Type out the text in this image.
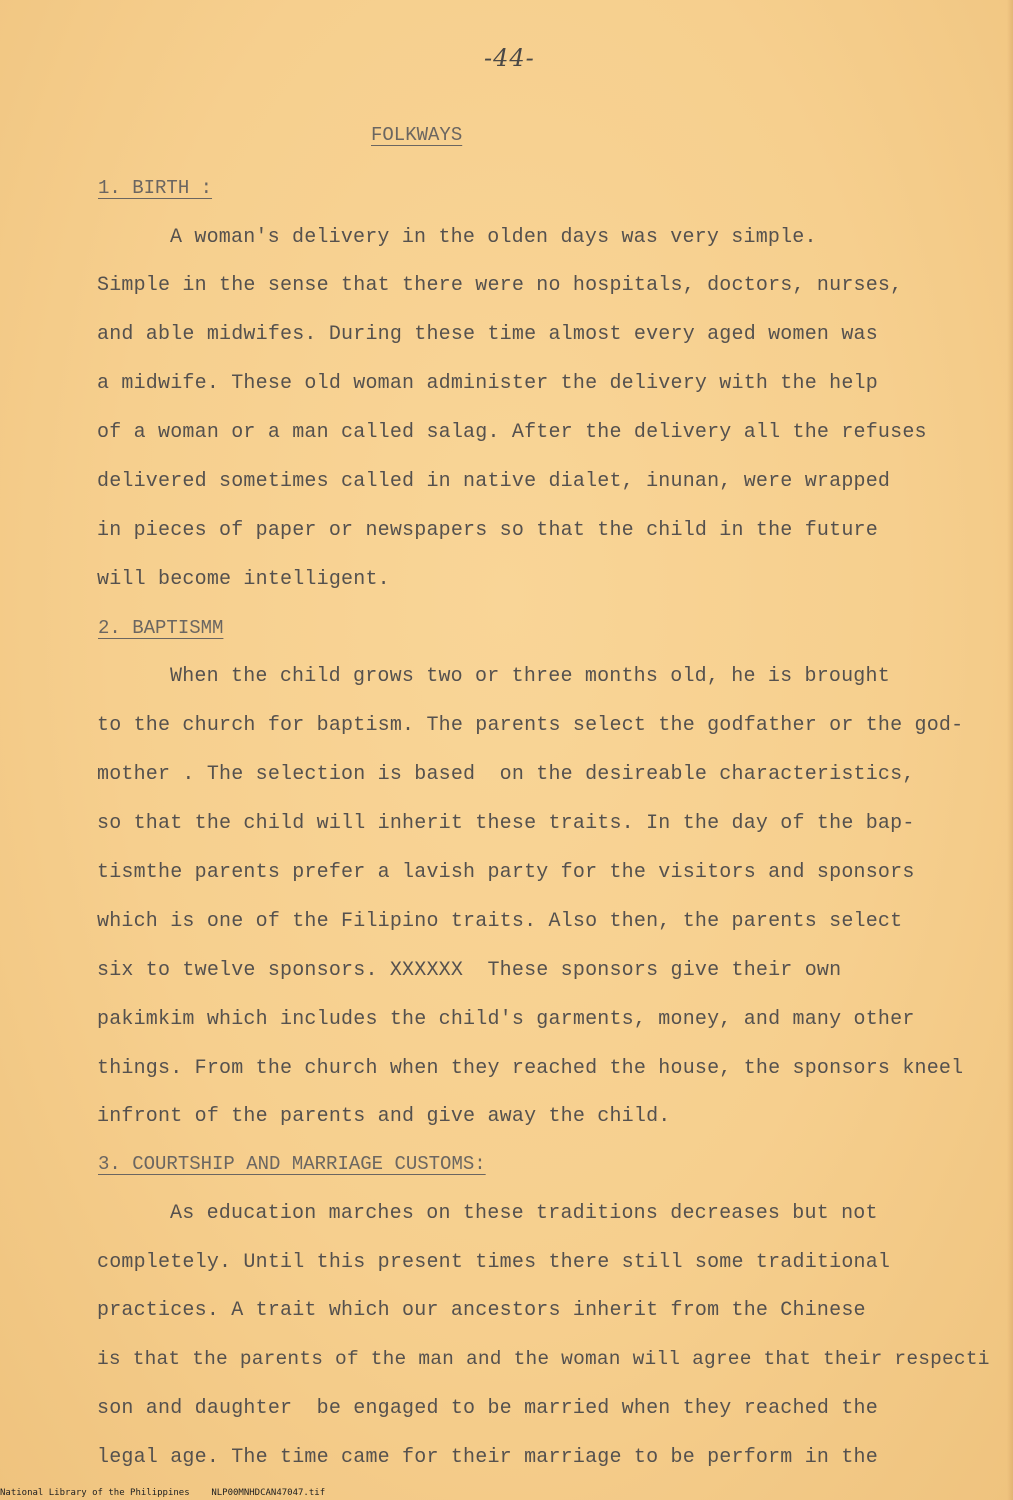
-44-
FOLKWAYS
1. BIRTH :
A woman's delivery in the olden days was very simple.
Simple in the sense that there were no hospitals, doctors, nurses,
and able midwifes. During these time almost every aged women was
a midwife. These old woman administer the delivery with the help
of a woman or a man called salag. After the delivery all the refuses
delivered sometimes called in native dialet, inunan, were wrapped
in pieces of paper or newspapers so that the child in the future
will become intelligent.
2. BAPTISMM
When the child grows two or three months old, he is brought
to the church for baptism. The parents select the godfather or the god-
mother . The selection is based  on the desireable characteristics,
so that the child will inherit these traits. In the day of the bap-
tismthe parents prefer a lavish party for the visitors and sponsors
which is one of the Filipino traits. Also then, the parents select
six to twelve sponsors. XXXXXX  These sponsors give their own
pakimkim which includes the child's garments, money, and many other
things. From the church when they reached the house, the sponsors kneel
infront of the parents and give away the child.
3. COURTSHIP AND MARRIAGE CUSTOMS:
As education marches on these traditions decreases but not
completely. Until this present times there still some traditional
practices. A trait which our ancestors inherit from the Chinese
is that the parents of the man and the woman will agree that their respecti
son and daughter  be engaged to be married when they reached the
legal age. The time came for their marriage to be perform in the
National Library of the Philippines    NLP00MNHDCAN47047.tif
